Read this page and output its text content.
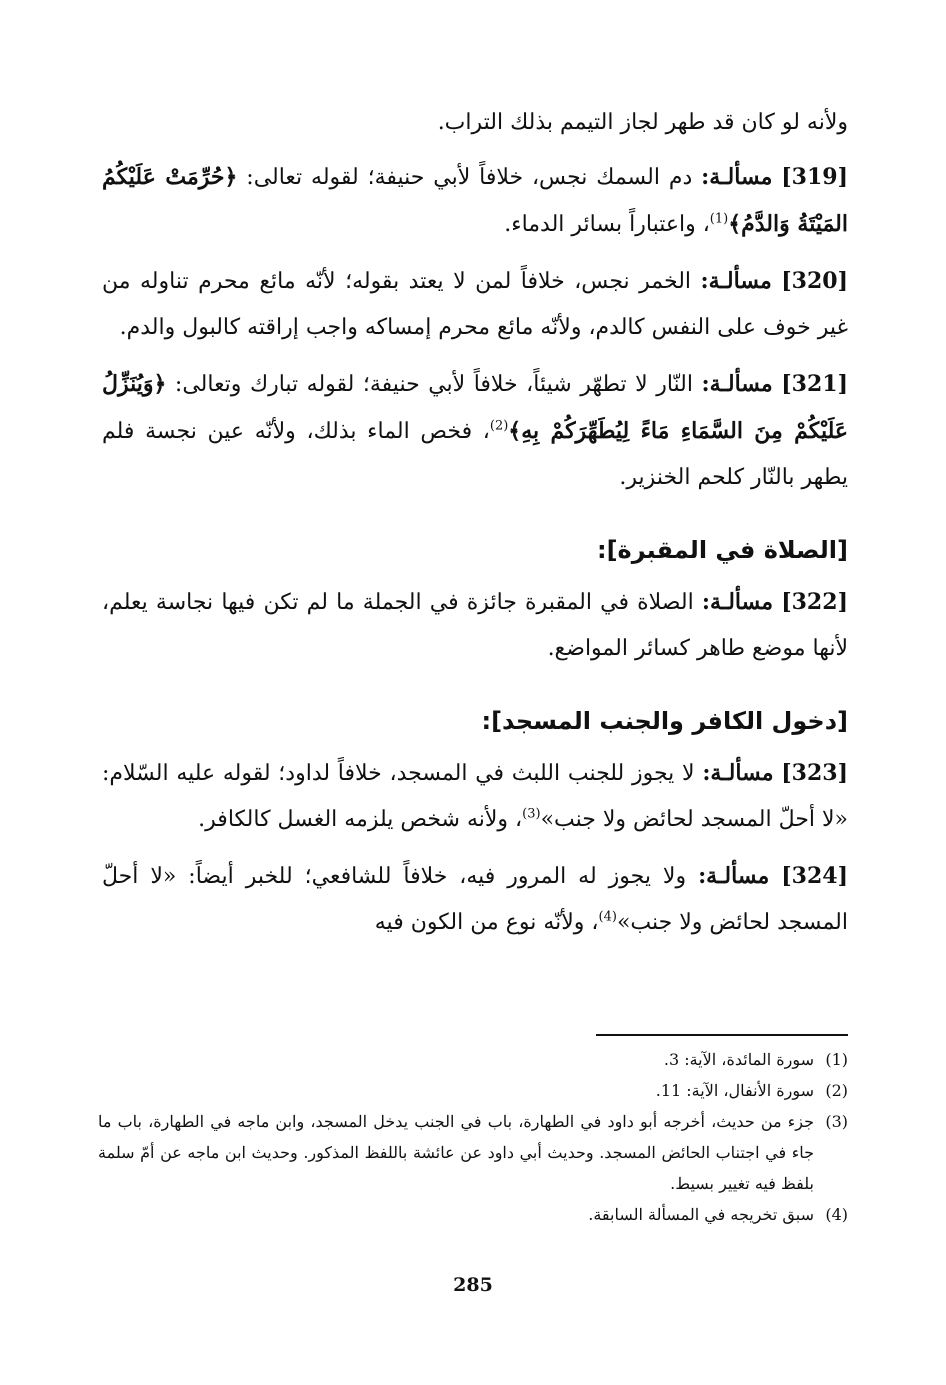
ولأنه لو كان قد طهر لجاز التيمم بذلك التراب.

[319] مسألـة: دم السمك نجس، خلافاً لأبي حنيفة؛ لقوله تعالى: ﴿حُرِّمَتْ عَلَيْكُمُ المَيْتَةُ وَالدَّمُ﴾$^{(1)}$، واعتباراً بسائر الدماء.

[320] مسألـة: الخمر نجس، خلافاً لمن لا يعتد بقوله؛ لأنّه مائع محرم تناوله من غير خوف على النفس كالدم، ولأنّه مائع محرم إمساكه واجب إراقته كالبول والدم.

[321] مسألـة: النّار لا تطهّر شيئاً، خلافاً لأبي حنيفة؛ لقوله تبارك وتعالى: ﴿وَيُنَزِّلُ عَلَيْكُمْ مِنَ السَّمَاءِ مَاءً لِيُطَهِّرَكُمْ بِهِ﴾$^{(2)}$، فخص الماء بذلك، ولأنّه عين نجسة فلم يطهر بالنّار كلحم الخنزير.

[الصلاة في المقبرة]:

[322] مسألـة: الصلاة في المقبرة جائزة في الجملة ما لم تكن فيها نجاسة يعلم، لأنها موضع طاهر كسائر المواضع.

[دخول الكافر والجنب المسجد]:

[323] مسألـة: لا يجوز للجنب اللبث في المسجد، خلافاً لداود؛ لقوله عليه السّلام: «لا أحلّ المسجد لحائض ولا جنب»$^{(3)}$، ولأنه شخص يلزمه الغسل كالكافر.

[324] مسألـة: ولا يجوز له المرور فيه، خلافاً للشافعي؛ للخبر أيضاً: «لا أحلّ المسجد لحائض ولا جنب»$^{(4)}$، ولأنّه نوع من الكون فيه

(1)
سورة المائدة، الآية: 3.
(2)
سورة الأنفال، الآية: 11.
(3)
جزء من حديث، أخرجه أبو داود في الطهارة، باب في الجنب يدخل المسجد، وابن ماجه في الطهارة، باب ما جاء في اجتناب الحائض المسجد. وحديث أبي داود عن عائشة باللفظ المذكور. وحديث ابن ماجه عن أمّ سلمة بلفظ فيه تغيير بسيط.
(4)
سبق تخريجه في المسألة السابقة.
285
